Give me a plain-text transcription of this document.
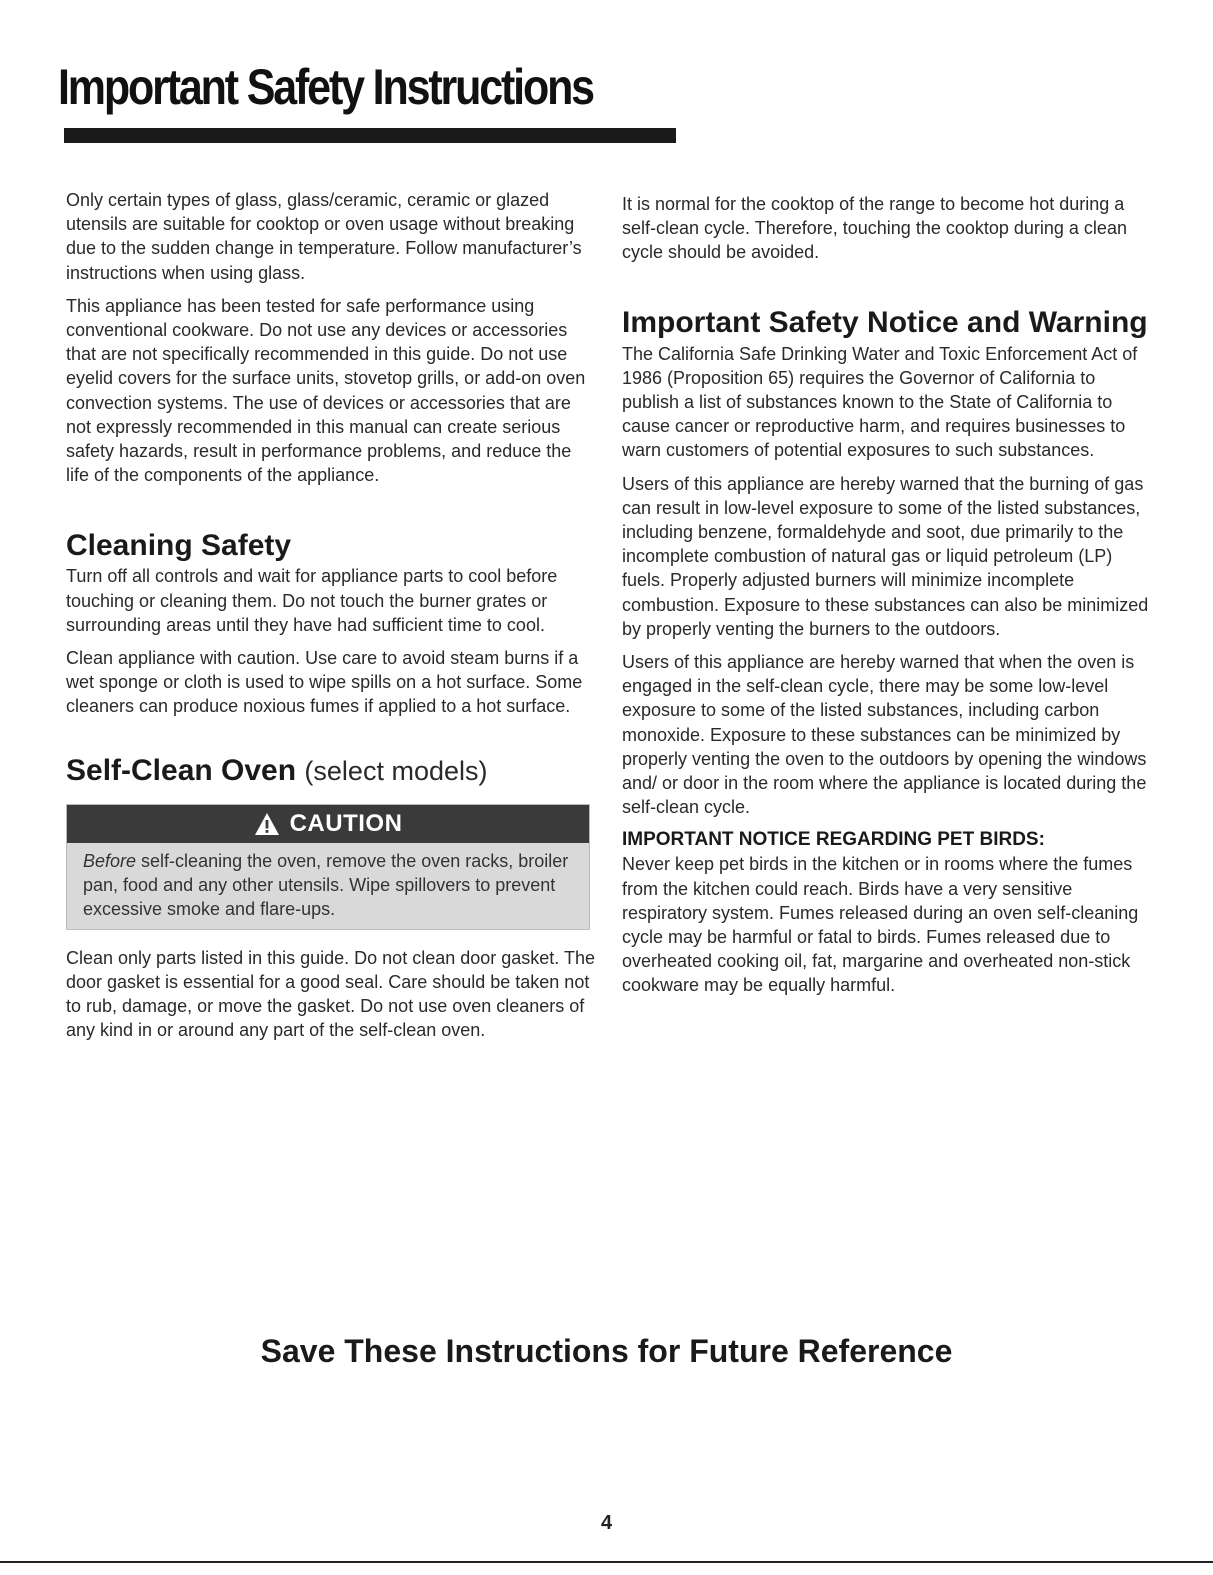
Important Safety Instructions

Only certain types of glass, glass/ceramic, ceramic or glazed utensils are suitable for cooktop or oven usage without breaking due to the sudden change in temperature. Follow manufacturer’s instructions when using glass.

This appliance has been tested for safe performance using conventional cookware. Do not use any devices or accessories that are not specifically recommended in this guide. Do not use eyelid covers for the surface units, stovetop grills, or add-on oven convection systems. The use of devices or accessories that are not expressly recommended in this manual can create serious safety hazards, result in performance problems, and reduce the life of the components of the appliance.

Cleaning Safety

Turn off all controls and wait for appliance parts to cool before touching or cleaning them. Do not touch the burner grates or surrounding areas until they have had sufficient time to cool.

Clean appliance with caution. Use care to avoid steam burns if a wet sponge or cloth is used to wipe spills on a hot surface. Some cleaners can produce noxious fumes if applied to a hot surface.

Self-Clean Oven (select models)
CAUTION
Before self-cleaning the oven, remove the oven racks, broiler pan, food and any other utensils. Wipe spillovers to prevent excessive smoke and flare-ups.

Clean only parts listed in this guide. Do not clean door gasket. The door gasket is essential for a good seal. Care should be taken not to rub, damage, or move the gasket. Do not use oven cleaners of any kind in or around any part of the self-clean oven.

It is normal for the cooktop of the range to become hot during a self-clean cycle. Therefore, touching the cooktop during a clean cycle should be avoided.

Important Safety Notice and Warning

The California Safe Drinking Water and Toxic Enforcement Act of 1986 (Proposition 65) requires the Governor of California to publish a list of substances known to the State of California to cause cancer or reproductive harm, and requires businesses to warn customers of potential exposures to such substances.

Users of this appliance are hereby warned that the burning of gas can result in low-level exposure to some of the listed substances, including benzene, formaldehyde and soot, due primarily to the incomplete combustion of natural gas or liquid petroleum (LP) fuels. Properly adjusted burners will minimize incomplete combustion. Exposure to these substances can also be minimized by properly venting the burners to the outdoors.

Users of this appliance are hereby warned that when the oven is engaged in the self-clean cycle, there may be some low-level exposure to some of the listed substances, including carbon monoxide. Exposure to these substances can be minimized by properly venting the oven to the outdoors by opening the windows and/ or door in the room where the appliance is located during the self-clean cycle.

IMPORTANT NOTICE REGARDING PET BIRDS:

Never keep pet birds in the kitchen or in rooms where the fumes from the kitchen could reach. Birds have a very sensitive respiratory system. Fumes released during an oven self-cleaning cycle may be harmful or fatal to birds. Fumes released due to overheated cooking oil, fat, margarine and overheated non-stick cookware may be equally harmful.

Save These Instructions for Future Reference
4
